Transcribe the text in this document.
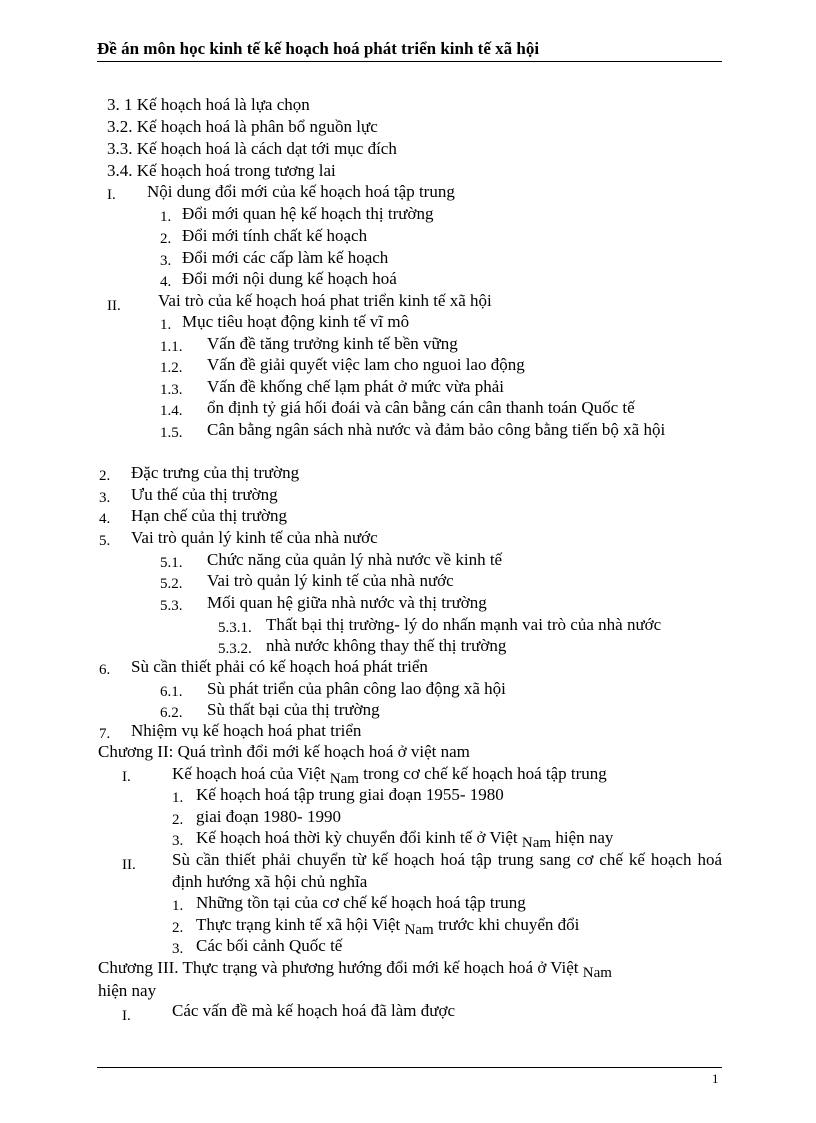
Đề án môn học kinh tế kế hoạch hoá phát triển kinh tế xã hội
3. 1 Kế hoạch hoá là lựa chọn
3.2. Kế hoạch hoá là phân bổ nguồn lực
3.3. Kế hoạch hoá là cách dạt tới mục đích
3.4. Kế hoạch hoá trong tương lai
I. Nội dung đổi mới của kế hoạch hoá tập trung
1. Đổi mới quan hệ kế hoạch thị trường
2. Đổi mới tính chất kế hoạch
3. Đổi mới các cấp làm kế hoạch
4. Đổi mới nội dung kế hoạch hoá
II. Vai trò của kế hoạch hoá phat triển kinh tế xã hội
1. Mục tiêu hoạt động kinh tế vĩ mô
1.1. Vấn đề tăng trưởng kinh tế bền vững
1.2. Vấn đề giải quyết việc lam cho nguoi lao động
1.3. Vấn đề khống chế lạm phát ở mức vừa phải
1.4. ổn định tỷ giá hối đoái và cân bằng cán cân thanh toán Quốc tế
1.5. Cân bằng ngân sách nhà nước và đảm bảo công bằng tiến bộ xã hội
2. Đặc trưng của thị trường
3. Ưu thế của thị trường
4. Hạn chế của thị trường
5. Vai trò quản lý kinh tế của nhà nước
5.1. Chức năng của quản lý nhà nước về kinh tế
5.2. Vai trò quản lý kinh tế của nhà nước
5.3. Mối quan hệ giữa nhà nước và thị trường
5.3.1. Thất bại thị trường- lý do nhấn mạnh vai trò của nhà nước
5.3.2. nhà nước không thay thế thị trường
6. Sù cần thiết phải có kế hoạch hoá phát triển
6.1. Sù phát triển của phân công lao động xã hội
6.2. Sù thất bại của thị trường
7. Nhiệm vụ kế hoạch hoá phat triển
Chương II: Quá trình đổi mới kế hoạch hoá ở việt nam
I. Kế hoạch hoá của Việt Nam trong cơ chế kế hoạch hoá tập trung
1. Kế hoạch hoá tập trung giai đoạn 1955- 1980
2. giai đoạn 1980- 1990
3. Kế hoạch hoá thời kỳ chuyển đổi kinh tế ở Việt Nam hiện nay
II. Sù cần thiết phải chuyển từ kế hoạch hoá tập trung sang cơ chế kế hoạch hoá định hướng xã hội chủ nghĩa
1. Những tồn tại của cơ chế kế hoạch hoá tập trung
2. Thực trạng kinh tế xã hội Việt Nam trước khi chuyển đổi
3. Các bối cảnh Quốc tế
Chương III. Thực trạng và phương hướng đổi mới kế hoạch hoá ở Việt Nam
hiện nay
I. Các vấn đề mà kế hoạch hoá đã làm được
1
